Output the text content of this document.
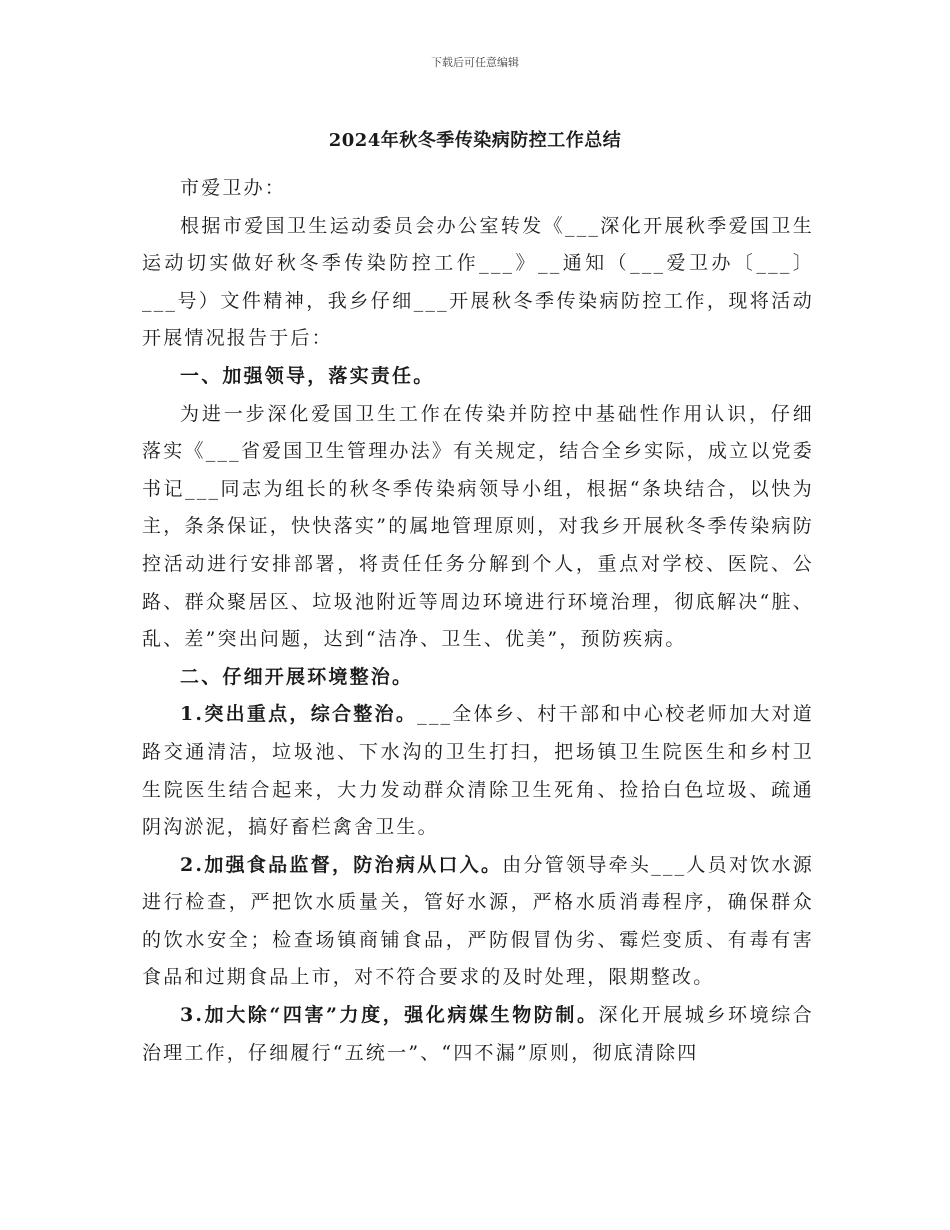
下载后可任意编辑
2024年秋冬季传染病防控工作总结

市爱卫办：

根据市爱国卫生运动委员会办公室转发《___深化开展秋季爱国卫生运动切实做好秋冬季传染防控工作___》__通知（___爱卫办〔___〕___号）文件精神，我乡仔细___开展秋冬季传染病防控工作，现将活动开展情况报告于后：

一、加强领导，落实责任。

为进一步深化爱国卫生工作在传染并防控中基础性作用认识，仔细落实《___省爱国卫生管理办法》有关规定，结合全乡实际，成立以党委书记___同志为组长的秋冬季传染病领导小组，根据“条块结合，以快为主，条条保证，快快落实”的属地管理原则，对我乡开展秋冬季传染病防控活动进行安排部署，将责任任务分解到个人，重点对学校、医院、公路、群众聚居区、垃圾池附近等周边环境进行环境治理，彻底解决“脏、乱、差”突出问题，达到“洁净、卫生、优美”，预防疾病。

二、仔细开展环境整治。

1.突出重点，综合整治。___全体乡、村干部和中心校老师加大对道路交通清洁，垃圾池、下水沟的卫生打扫，把场镇卫生院医生和乡村卫生院医生结合起来，大力发动群众清除卫生死角、捡拾白色垃圾、疏通阴沟淤泥，搞好畜栏禽舍卫生。

2.加强食品监督，防治病从口入。由分管领导牵头___人员对饮水源进行检查，严把饮水质量关，管好水源，严格水质消毒程序，确保群众的饮水安全；检查场镇商铺食品，严防假冒伪劣、霉烂变质、有毒有害食品和过期食品上市，对不符合要求的及时处理，限期整改。

3.加大除“四害”力度，强化病媒生物防制。深化开展城乡环境综合治理工作，仔细履行“五统一”、“四不漏”原则，彻底清除四
